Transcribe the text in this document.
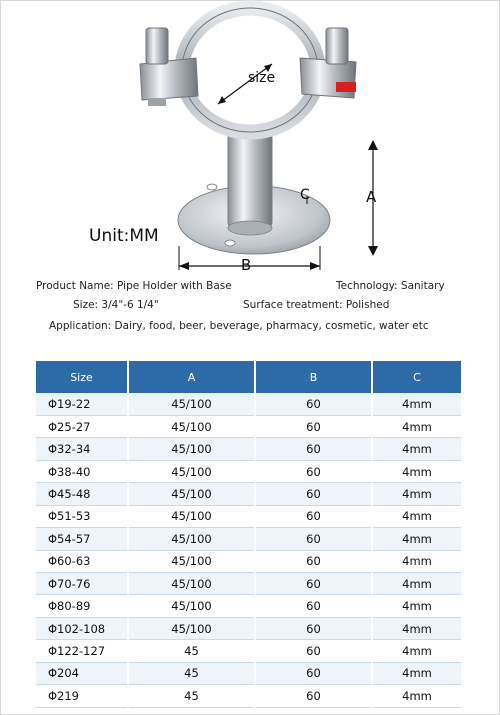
Unit:MM
size
A
B
C
Product Name: Pipe Holder with Base	Technology: Sanitary
Size: 3/4"-6 1/4"	Surface treatment: Polished
Application: Dairy, food, beer, beverage, pharmacy, cosmetic, water etc
Size	A	B	C
Φ19-22	45/100	60	4mm
Φ25-27	45/100	60	4mm
Φ32-34	45/100	60	4mm
Φ38-40	45/100	60	4mm
Φ45-48	45/100	60	4mm
Φ51-53	45/100	60	4mm
Φ54-57	45/100	60	4mm
Φ60-63	45/100	60	4mm
Φ70-76	45/100	60	4mm
Φ80-89	45/100	60	4mm
Φ102-108	45/100	60	4mm
Φ122-127	45	60	4mm
Φ204	45	60	4mm
Φ219	45	60	4mm
